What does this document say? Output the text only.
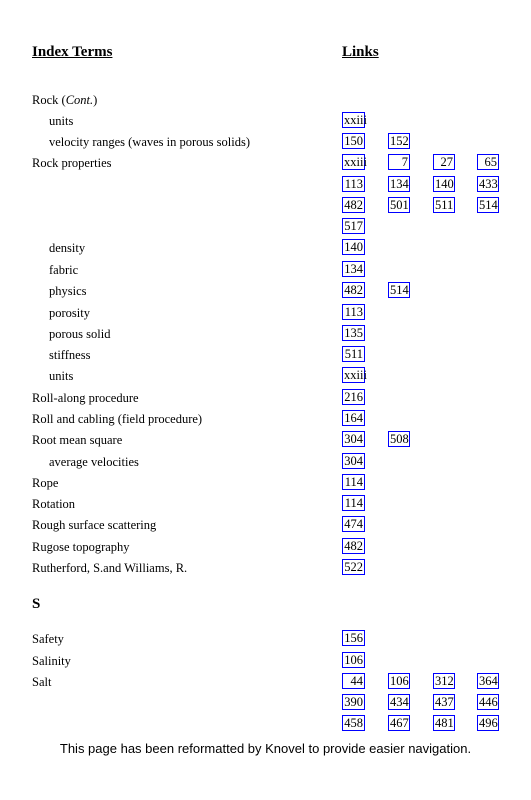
Index Terms	Links
Rock (Cont.)
units	xxiii
velocity ranges (waves in porous solids)	150 152
Rock properties	xxiii	7	27	65
113 134 140 433
482 501 511 514
517
density	140
fabric	134
physics	482 514
porosity	113
porous solid	135
stiffness	511
units	xxiii
Roll-along procedure	216
Roll and cabling (field procedure)	164
Root mean square	304 508
average velocities	304
Rope	114
Rotation	114
Rough surface scattering	474
Rugose topography	482
Rutherford, S.and Williams, R.	522
Safety	156
Salinity	106
Salt	44 106 312 364
390 434 437 446
458 467 481 496
S
This page has been reformatted by Knovel to provide easier navigation.
